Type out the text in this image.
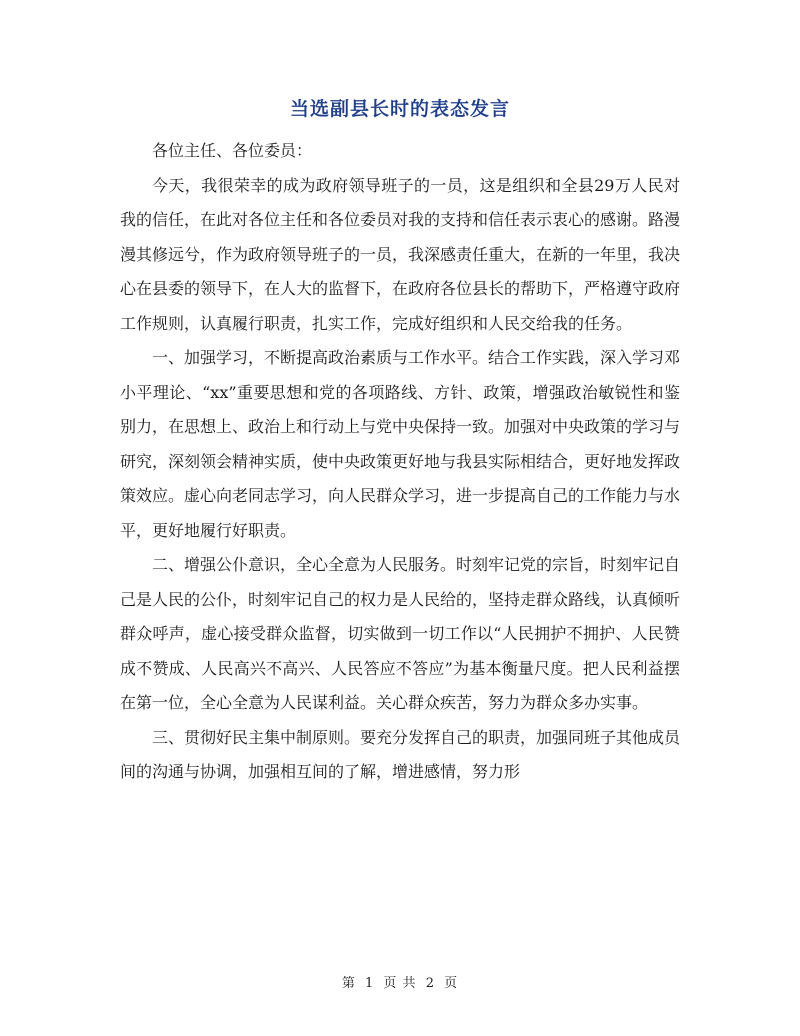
当选副县长时的表态发言

各位主任、各位委员：

今天，我很荣幸的成为政府领导班子的一员，这是组织和全县29万人民对我的信任，在此对各位主任和各位委员对我的支持和信任表示衷心的感谢。路漫漫其修远兮，作为政府领导班子的一员，我深感责任重大，在新的一年里，我决心在县委的领导下，在人大的监督下，在政府各位县长的帮助下，严格遵守政府工作规则，认真履行职责，扎实工作，完成好组织和人民交给我的任务。

一、加强学习，不断提高政治素质与工作水平。结合工作实践，深入学习邓小平理论、“xx”重要思想和党的各项路线、方针、政策，增强政治敏锐性和鉴别力，在思想上、政治上和行动上与党中央保持一致。加强对中央政策的学习与研究，深刻领会精神实质，使中央政策更好地与我县实际相结合，更好地发挥政策效应。虚心向老同志学习，向人民群众学习，进一步提高自己的工作能力与水平，更好地履行好职责。

二、增强公仆意识，全心全意为人民服务。时刻牢记党的宗旨，时刻牢记自己是人民的公仆，时刻牢记自己的权力是人民给的，坚持走群众路线，认真倾听群众呼声，虚心接受群众监督，切实做到一切工作以“人民拥护不拥护、人民赞成不赞成、人民高兴不高兴、人民答应不答应”为基本衡量尺度。把人民利益摆在第一位，全心全意为人民谋利益。关心群众疾苦，努力为群众多办实事。

三、贯彻好民主集中制原则。要充分发挥自己的职责，加强同班子其他成员间的沟通与协调，加强相互间的了解，增进感情，努力形

第 1 页 共 2 页
